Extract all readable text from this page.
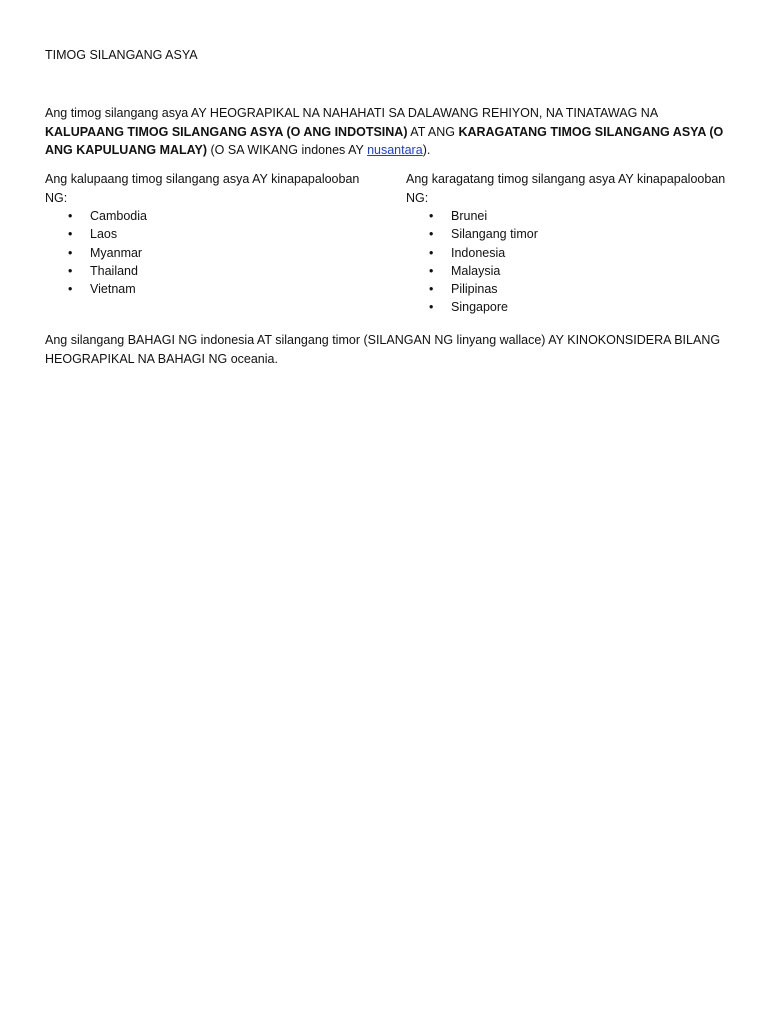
TIMOG SILANGANG ASYA

Ang timog silangang asya AY HEOGRAPIKAL NA NAHAHATI SA DALAWANG REHIYON, NA TINATAWAG NA KALUPAANG TIMOG SILANGANG ASYA (O ANG INDOTSINA) AT ANG KARAGATANG TIMOG SILANGANG ASYA (O ANG KAPULUANG MALAY) (O SA WIKANG indones AY nusantara).

Ang kalupaang timog silangang asya AY kinapapalooban NG:

• Cambodia
• Laos
• Myanmar
• Thailand
• Vietnam

Ang karagatang timog silangang asya AY kinapapalooban NG:

• Brunei
• Silangang timor
• Indonesia
• Malaysia
• Pilipinas
• Singapore

Ang silangang BAHAGI NG indonesia AT silangang timor (SILANGAN NG linyang wallace) AY KINOKONSIDERA BILANG HEOGRAPIKAL NA BAHAGI NG oceania.
